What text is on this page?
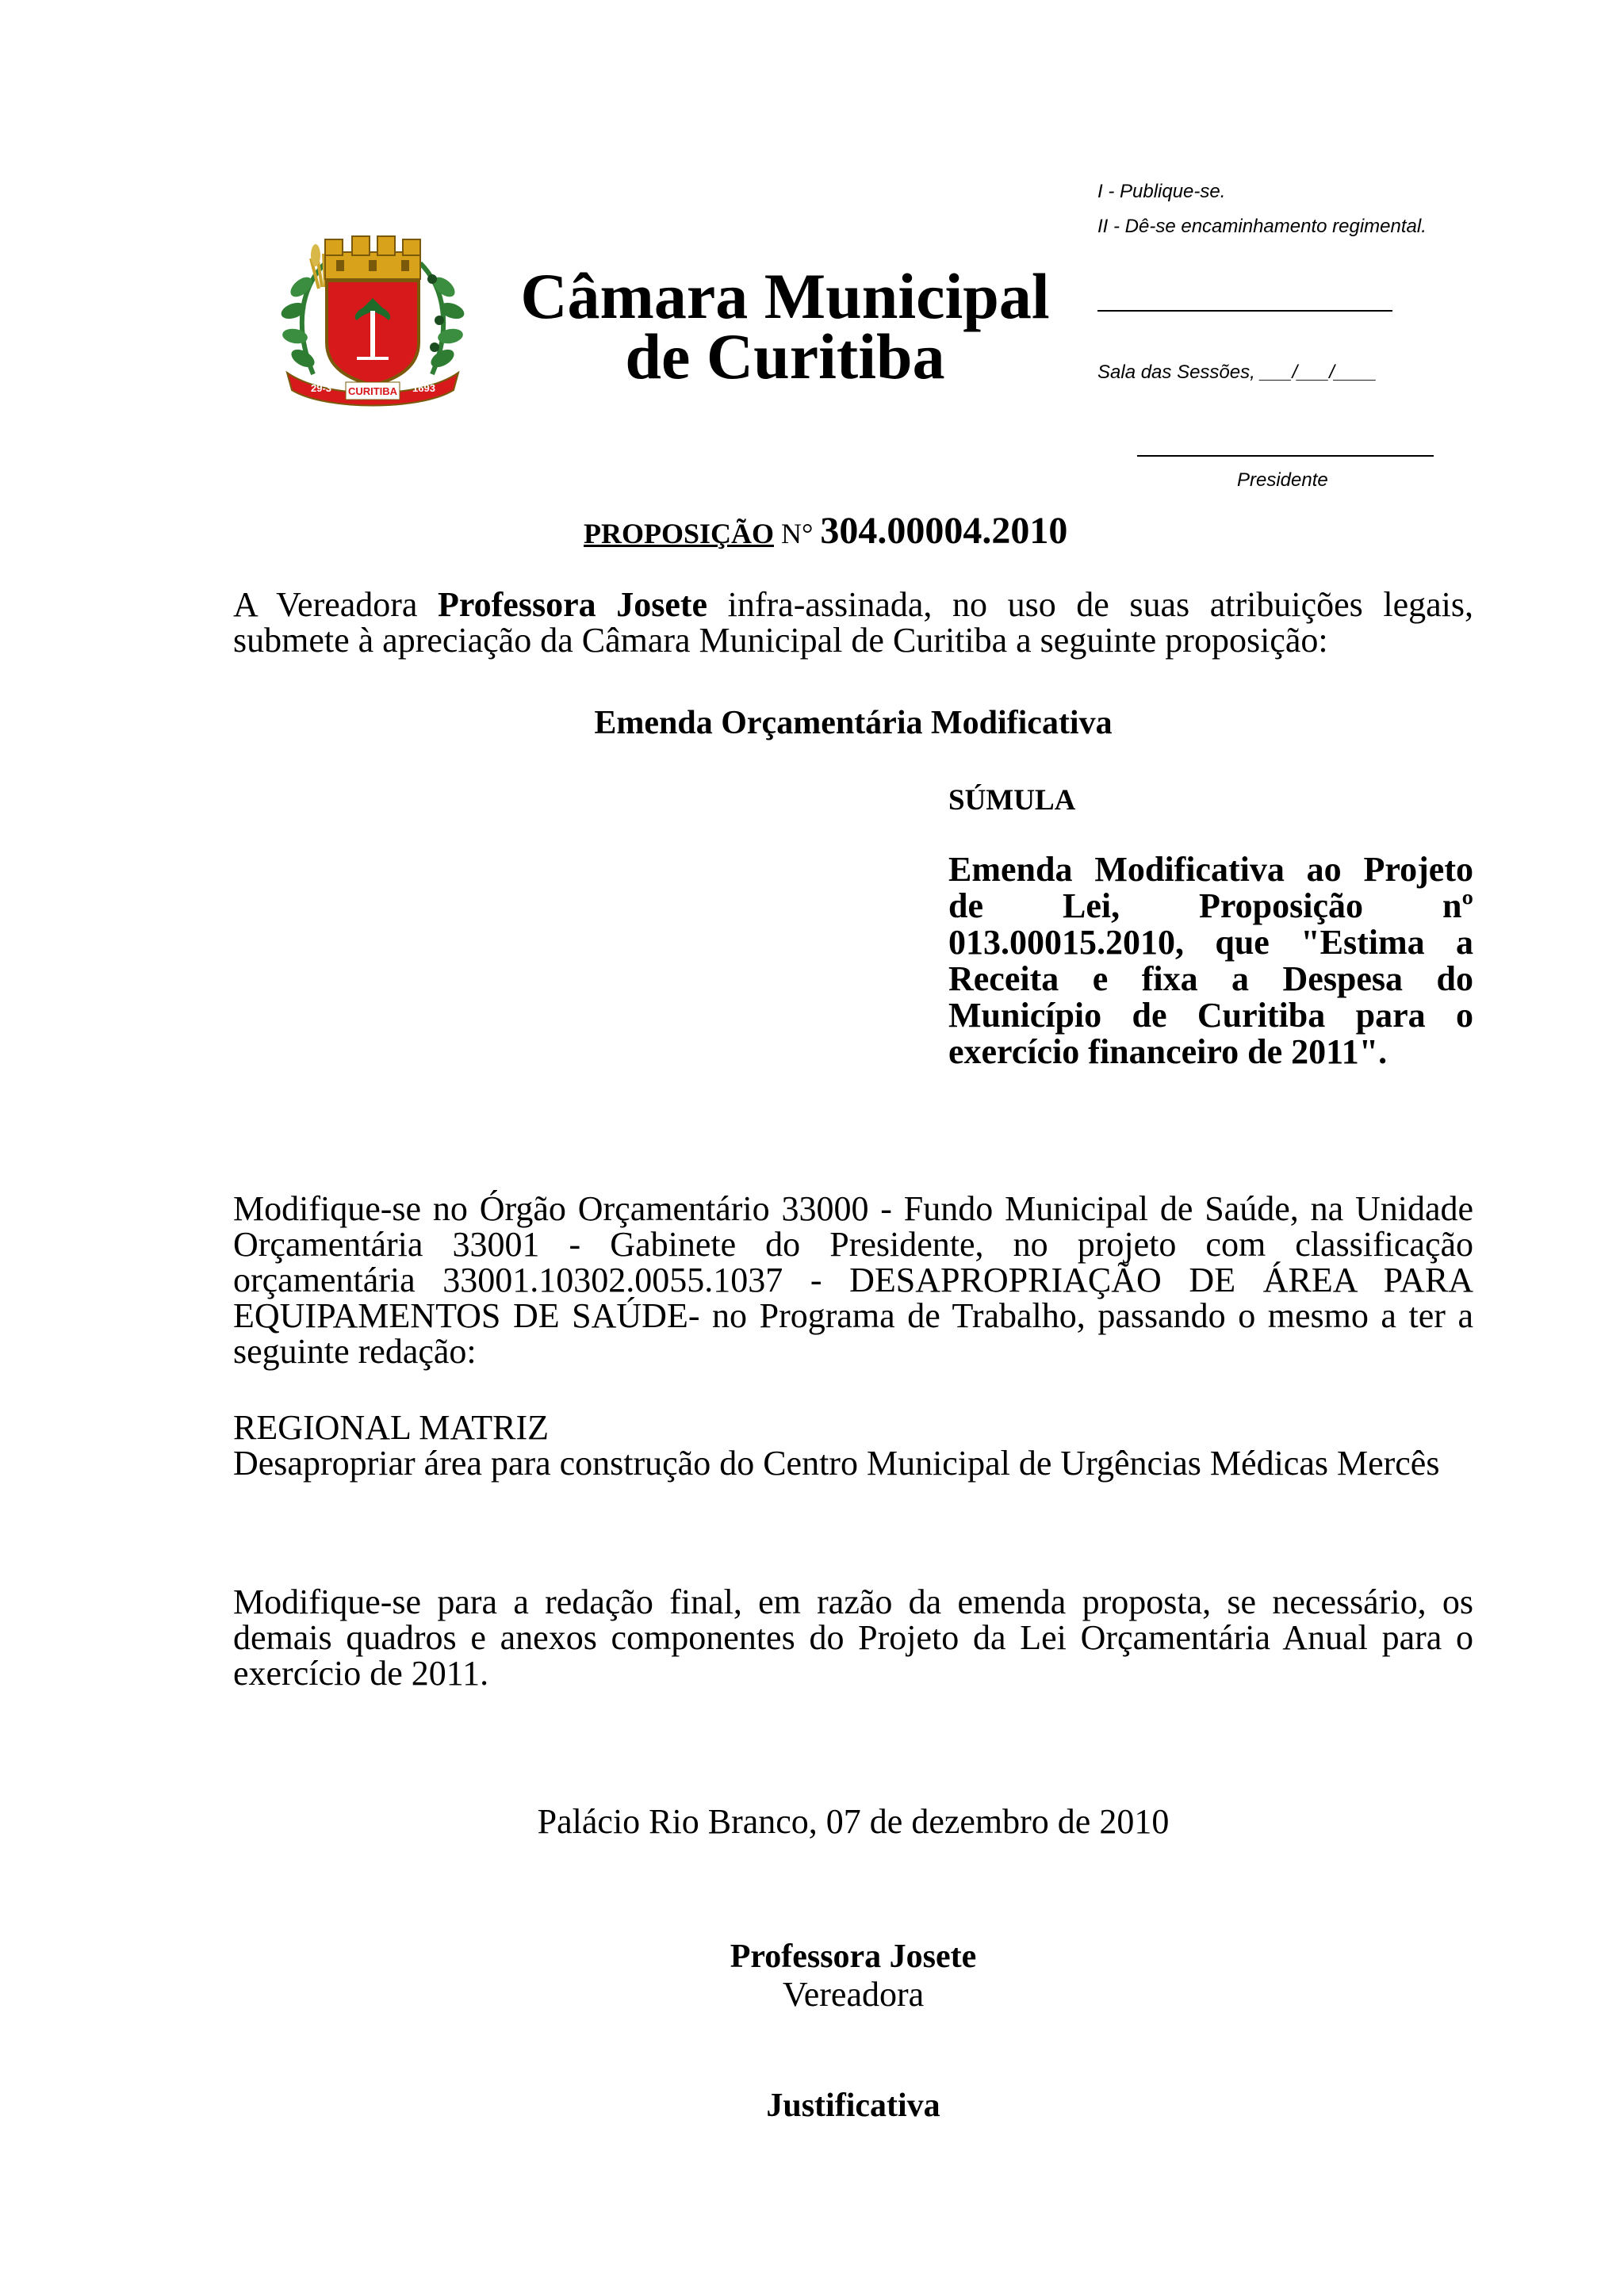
29-3 CURITIBA 1693
Câmara Municipal
de Curitiba
I - Publique-se.
II - Dê-se encaminhamento regimental.
Sala das Sessões, ___/___/____
Presidente
PROPOSIÇÃO N° 304.00004.2010

A Vereadora Professora Josete infra-assinada, no uso de suas atribuições legais, submete à apreciação da Câmara Municipal de Curitiba a seguinte proposição:

Emenda Orçamentária Modificativa
SÚMULA

Emenda Modificativa ao Projeto de Lei, Proposição nº 013.00015.2010, que "Estima a Receita e fixa a Despesa do Município de Curitiba para o exercício financeiro de 2011".

Modifique-se no Órgão Orçamentário 33000 - Fundo Municipal de Saúde, na Unidade Orçamentária 33001 - Gabinete do Presidente, no projeto com classificação orçamentária 33001.10302.0055.1037 - DESAPROPRIAÇÃO DE ÁREA PARA EQUIPAMENTOS DE SAÚDE- no Programa de Trabalho, passando o mesmo a ter a seguinte redação:

REGIONAL MATRIZ
Desapropriar área para construção do Centro Municipal de Urgências Médicas Mercês

Modifique-se para a redação final, em razão da emenda proposta, se necessário, os demais quadros e anexos componentes do Projeto da Lei Orçamentária Anual para o exercício de 2011.

Palácio Rio Branco, 07 de dezembro de 2010
Professora Josete
Vereadora
Justificativa
